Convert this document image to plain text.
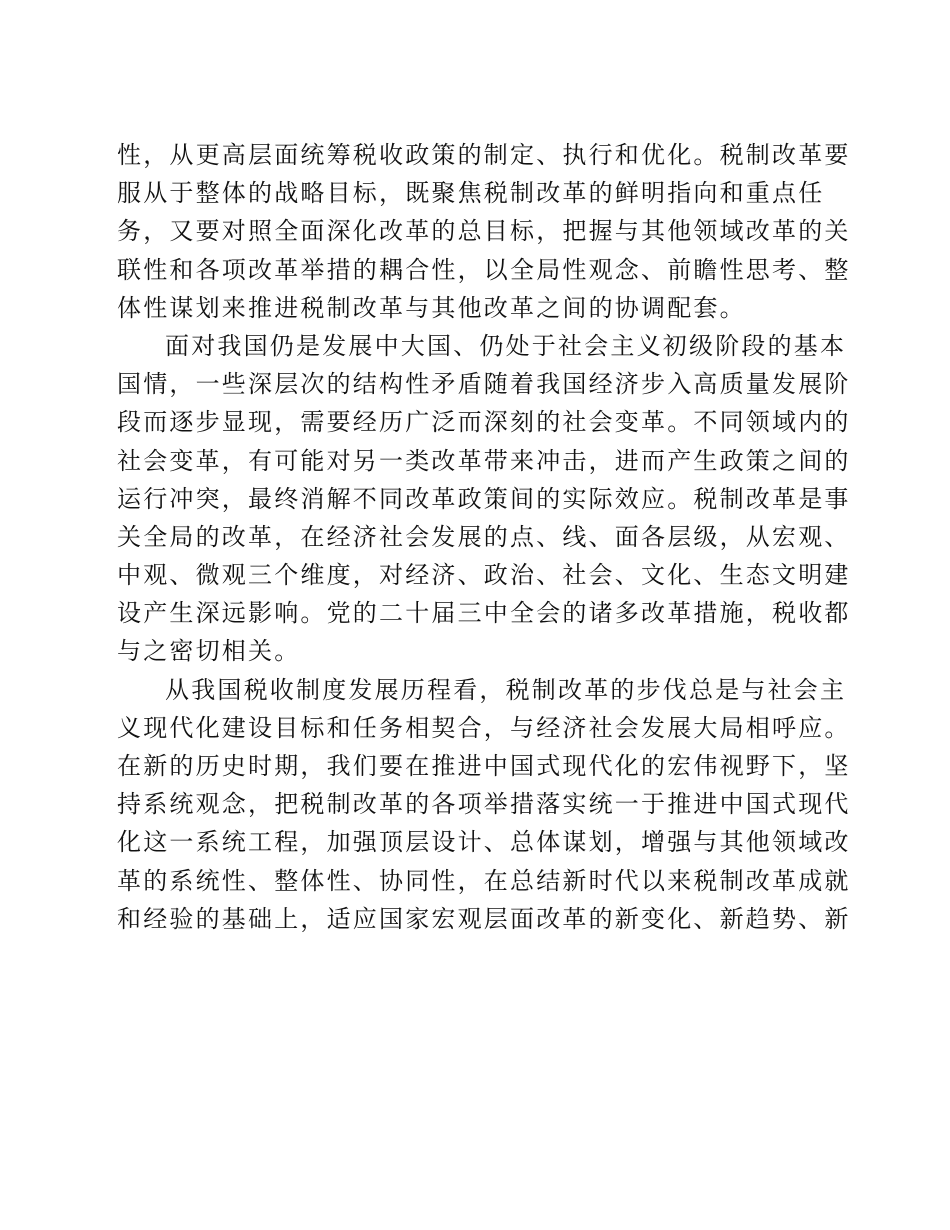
性，从更高层面统筹税收政策的制定、执行和优化。税制改革要
服从于整体的战略目标，既聚焦税制改革的鲜明指向和重点任
务，又要对照全面深化改革的总目标，把握与其他领域改革的关
联性和各项改革举措的耦合性，以全局性观念、前瞻性思考、整
体性谋划来推进税制改革与其他改革之间的协调配套。
面对我国仍是发展中大国、仍处于社会主义初级阶段的基本
国情，一些深层次的结构性矛盾随着我国经济步入高质量发展阶
段而逐步显现，需要经历广泛而深刻的社会变革。不同领域内的
社会变革，有可能对另一类改革带来冲击，进而产生政策之间的
运行冲突，最终消解不同改革政策间的实际效应。税制改革是事
关全局的改革，在经济社会发展的点、线、面各层级，从宏观、
中观、微观三个维度，对经济、政治、社会、文化、生态文明建
设产生深远影响。党的二十届三中全会的诸多改革措施，税收都
与之密切相关。
从我国税收制度发展历程看，税制改革的步伐总是与社会主
义现代化建设目标和任务相契合，与经济社会发展大局相呼应。
在新的历史时期，我们要在推进中国式现代化的宏伟视野下，坚
持系统观念，把税制改革的各项举措落实统一于推进中国式现代
化这一系统工程，加强顶层设计、总体谋划，增强与其他领域改
革的系统性、整体性、协同性，在总结新时代以来税制改革成就
和经验的基础上，适应国家宏观层面改革的新变化、新趋势、新
